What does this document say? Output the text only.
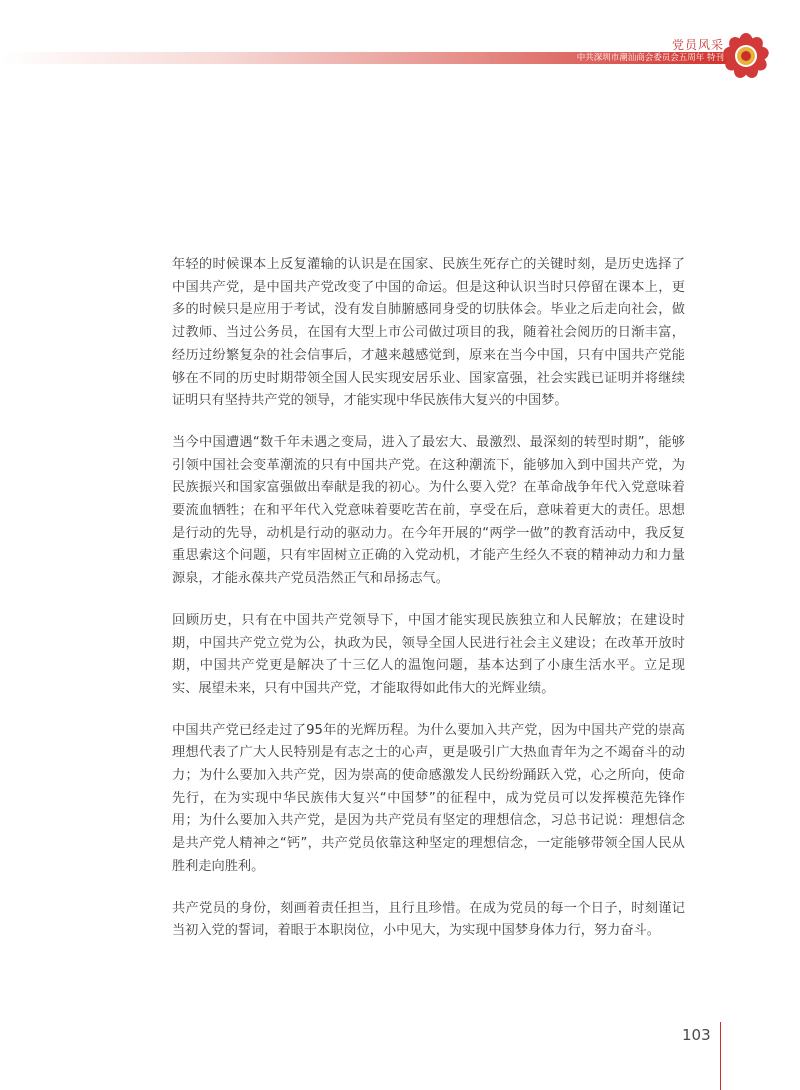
党员风采
中共深圳市潮汕商会委员会五周年 特刊

年轻的时候课本上反复灌输的认识是在国家、民族生死存亡的关键时刻，是历史选择了中国共产党，是中国共产党改变了中国的命运。但是这种认识当时只停留在课本上，更多的时候只是应用于考试，没有发自肺腑感同身受的切肤体会。毕业之后走向社会，做过教师、当过公务员，在国有大型上市公司做过项目的我，随着社会阅历的日渐丰富，经历过纷繁复杂的社会信事后，才越来越感觉到，原来在当今中国，只有中国共产党能够在不同的历史时期带领全国人民实现安居乐业、国家富强，社会实践已证明并将继续证明只有坚持共产党的领导，才能实现中华民族伟大复兴的中国梦。

当今中国遭遇“数千年未遇之变局，进入了最宏大、最激烈、最深刻的转型时期”，能够引领中国社会变革潮流的只有中国共产党。在这种潮流下，能够加入到中国共产党，为民族振兴和国家富强做出奉献是我的初心。为什么要入党？在革命战争年代入党意味着要流血牺牲；在和平年代入党意味着要吃苦在前，享受在后，意味着更大的责任。思想是行动的先导，动机是行动的驱动力。在今年开展的“两学一做”的教育活动中，我反复重思索这个问题，只有牢固树立正确的入党动机，才能产生经久不衰的精神动力和力量源泉，才能永葆共产党员浩然正气和昂扬志气。

回顾历史，只有在中国共产党领导下，中国才能实现民族独立和人民解放；在建设时期，中国共产党立党为公，执政为民，领导全国人民进行社会主义建设；在改革开放时期，中国共产党更是解决了十三亿人的温饱问题，基本达到了小康生活水平。立足现实、展望未来，只有中国共产党，才能取得如此伟大的光辉业绩。

中国共产党已经走过了95年的光辉历程。为什么要加入共产党，因为中国共产党的崇高理想代表了广大人民特别是有志之士的心声，更是吸引广大热血青年为之不竭奋斗的动力；为什么要加入共产党，因为崇高的使命感激发人民纷纷踊跃入党，心之所向，使命先行，在为实现中华民族伟大复兴“中国梦”的征程中，成为党员可以发挥模范先锋作用；为什么要加入共产党，是因为共产党员有坚定的理想信念，习总书记说：理想信念是共产党人精神之“钙”，共产党员依靠这种坚定的理想信念，一定能够带领全国人民从胜利走向胜利。

共产党员的身份，刻画着责任担当，且行且珍惜。在成为党员的每一个日子，时刻谨记当初入党的誓词，着眼于本职岗位，小中见大，为实现中国梦身体力行，努力奋斗。

103
